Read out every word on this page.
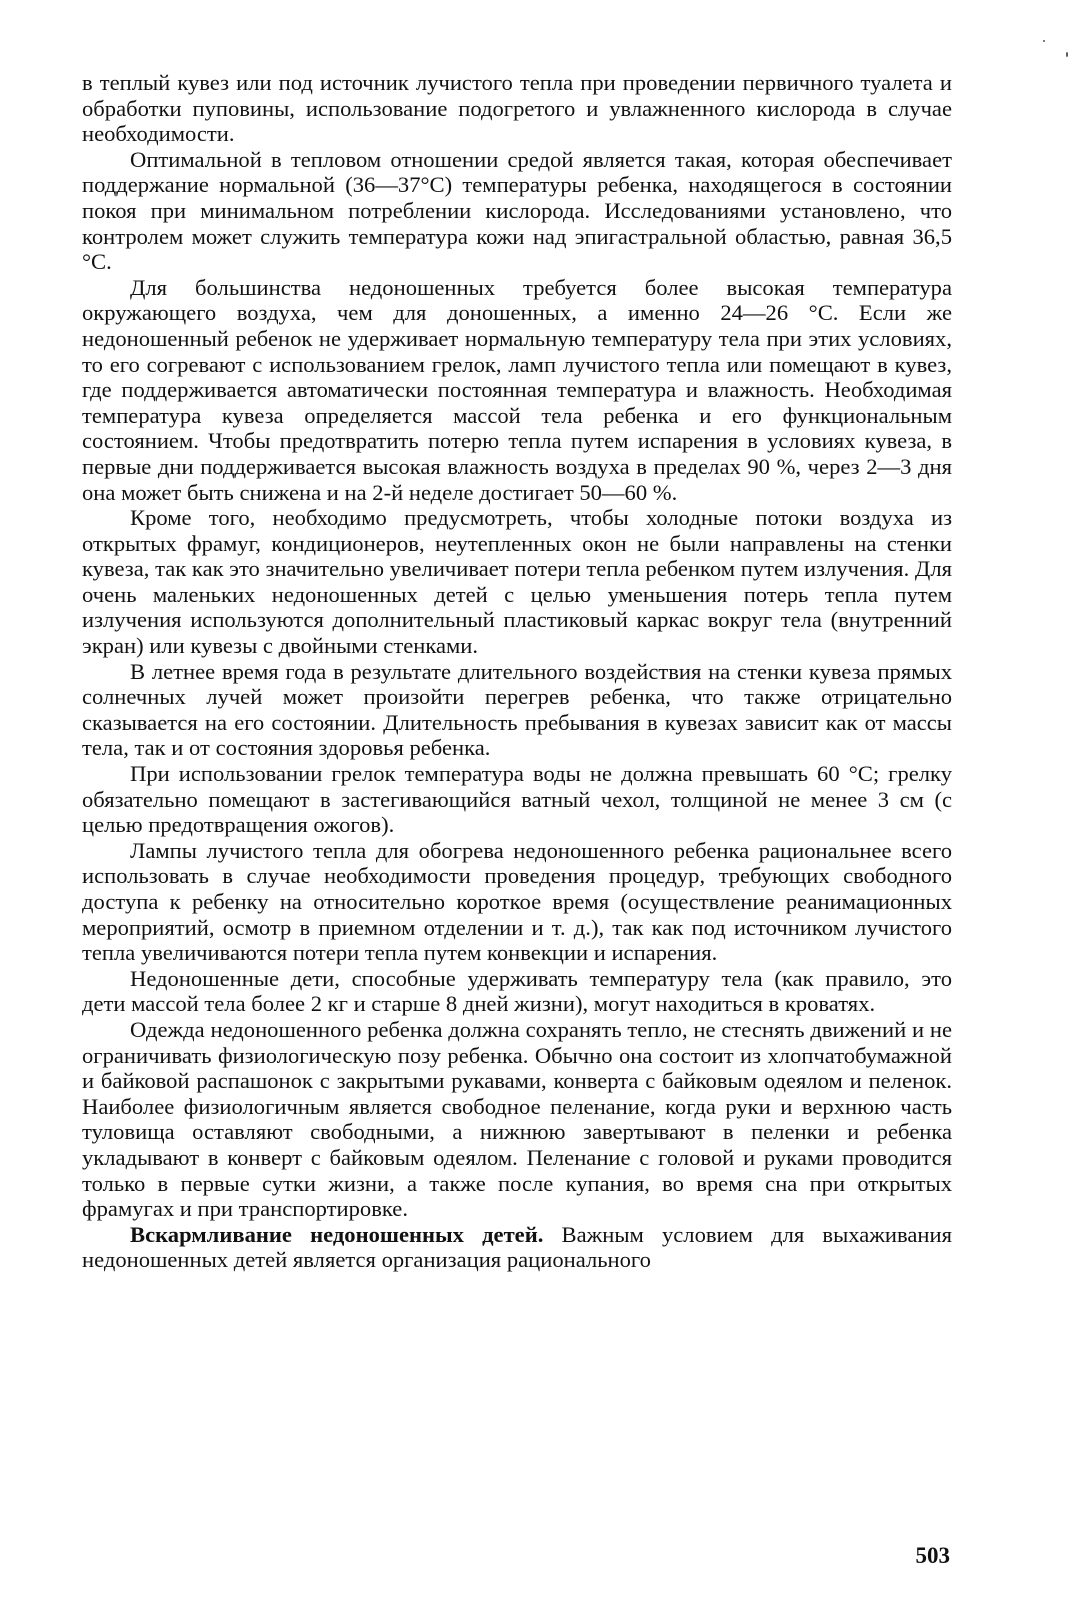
в теплый кувез или под источник лучистого тепла при проведении первичного туалета и обработки пуповины, использование подогретого и увлажненного кислорода в случае необходимости.

Оптимальной в тепловом отношении средой является такая, которая обеспечивает поддержание нормальной (36—37°С) температуры ребенка, находящегося в состоянии покоя при минимальном потреблении кислорода. Исследованиями установлено, что контролем может служить температура кожи над эпигастральной областью, равная 36,5 °С.

Для большинства недоношенных требуется более высокая температура окружающего воздуха, чем для доношенных, а именно 24—26 °С. Если же недоношенный ребенок не удерживает нормальную температуру тела при этих условиях, то его согревают с использованием грелок, ламп лучистого тепла или помещают в кувез, где поддерживается автоматически постоянная температура и влажность. Необходимая температура кувеза определяется массой тела ребенка и его функциональным состоянием. Чтобы предотвратить потерю тепла путем испарения в условиях кувеза, в первые дни поддерживается высокая влажность воздуха в пределах 90 %, через 2—3 дня она может быть снижена и на 2-й неделе достигает 50—60 %.

Кроме того, необходимо предусмотреть, чтобы холодные потоки воздуха из открытых фрамуг, кондиционеров, неутепленных окон не были направлены на стенки кувеза, так как это значительно увеличивает потери тепла ребенком путем излучения. Для очень маленьких недоношенных детей с целью уменьшения потерь тепла путем излучения используются дополнительный пластиковый каркас вокруг тела (внутренний экран) или кувезы с двойными стенками.

В летнее время года в результате длительного воздействия на стенки кувеза прямых солнечных лучей может произойти перегрев ребенка, что также отрицательно сказывается на его состоянии. Длительность пребывания в кувезах зависит как от массы тела, так и от состояния здоровья ребенка.

При использовании грелок температура воды не должна превышать 60 °С; грелку обязательно помещают в застегивающийся ватный чехол, толщиной не менее 3 см (с целью предотвращения ожогов).

Лампы лучистого тепла для обогрева недоношенного ребенка рациональнее всего использовать в случае необходимости проведения процедур, требующих свободного доступа к ребенку на относительно короткое время (осуществление реанимационных мероприятий, осмотр в приемном отделении и т. д.), так как под источником лучистого тепла увеличиваются потери тепла путем конвекции и испарения.

Недоношенные дети, способные удерживать температуру тела (как правило, это дети массой тела более 2 кг и старше 8 дней жизни), могут находиться в кроватях.

Одежда недоношенного ребенка должна сохранять тепло, не стеснять движений и не ограничивать физиологическую позу ребенка. Обычно она состоит из хлопчатобумажной и байковой распашонок с закрытыми рукавами, конверта с байковым одеялом и пеленок. Наиболее физиологичным является свободное пеленание, когда руки и верхнюю часть туловища оставляют свободными, а нижнюю завертывают в пеленки и ребенка укладывают в конверт с байковым одеялом. Пеленание с головой и руками проводится только в первые сутки жизни, а также после купания, во время сна при открытых фрамугах и при транспортировке.

Вскармливание недоношенных детей. Важным условием для выхаживания недоношенных детей является организация рационального

503
